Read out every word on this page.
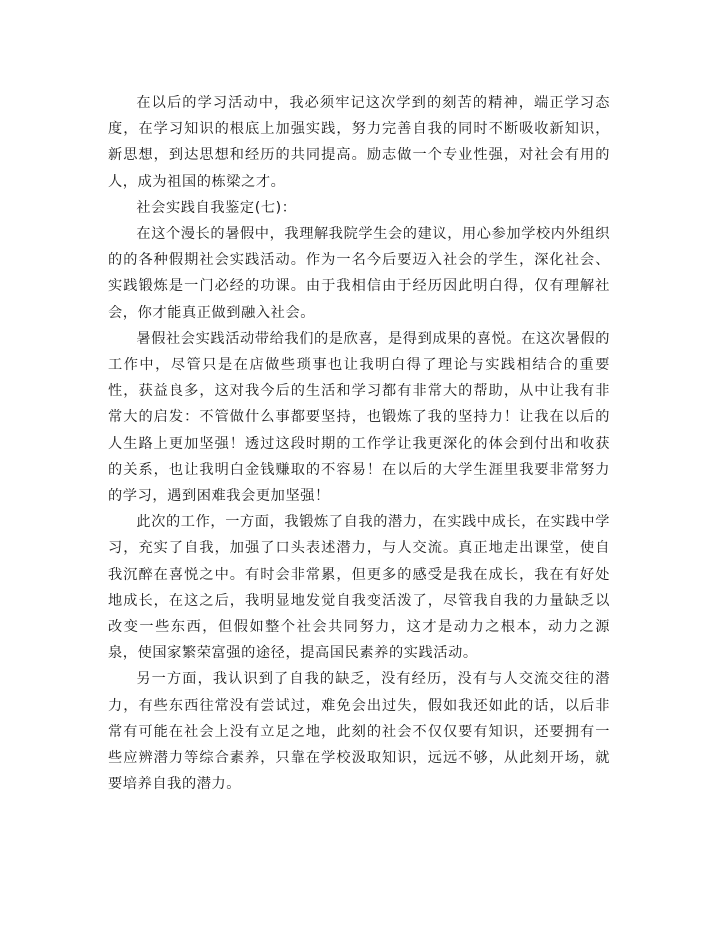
在以后的学习活动中，我必须牢记这次学到的刻苦的精神，端正学习态度，在学习知识的根底上加强实践，努力完善自我的同时不断吸收新知识，新思想，到达思想和经历的共同提高。励志做一个专业性强，对社会有用的人，成为祖国的栋梁之才。

社会实践自我鉴定(七)：

在这个漫长的暑假中，我理解我院学生会的建议，用心参加学校内外组织的的各种假期社会实践活动。作为一名今后要迈入社会的学生，深化社会、实践锻炼是一门必经的功课。由于我相信由于经历因此明白得，仅有理解社会，你才能真正做到融入社会。

暑假社会实践活动带给我们的是欣喜，是得到成果的喜悦。在这次暑假的工作中，尽管只是在店做些琐事也让我明白得了理论与实践相结合的重要性，获益良多，这对我今后的生活和学习都有非常大的帮助，从中让我有非常大的启发：不管做什么事都要坚持，也锻炼了我的坚持力！让我在以后的人生路上更加坚强！透过这段时期的工作学让我更深化的体会到付出和收获的关系，也让我明白金钱赚取的不容易！在以后的大学生涯里我要非常努力的学习，遇到困难我会更加坚强！

此次的工作，一方面，我锻炼了自我的潜力，在实践中成长，在实践中学习，充实了自我，加强了口头表述潜力，与人交流。真正地走出课堂，使自我沉醉在喜悦之中。有时会非常累，但更多的感受是我在成长，我在有好处地成长，在这之后，我明显地发觉自我变活泼了，尽管我自我的力量缺乏以改变一些东西，但假如整个社会共同努力，这才是动力之根本，动力之源泉，使国家繁荣富强的途径，提高国民素养的实践活动。

另一方面，我认识到了自我的缺乏，没有经历，没有与人交流交往的潜力，有些东西往常没有尝试过，难免会出过失，假如我还如此的话，以后非常有可能在社会上没有立足之地，此刻的社会不仅仅要有知识，还要拥有一些应辨潜力等综合素养，只靠在学校汲取知识，远远不够，从此刻开场，就要培养自我的潜力。
